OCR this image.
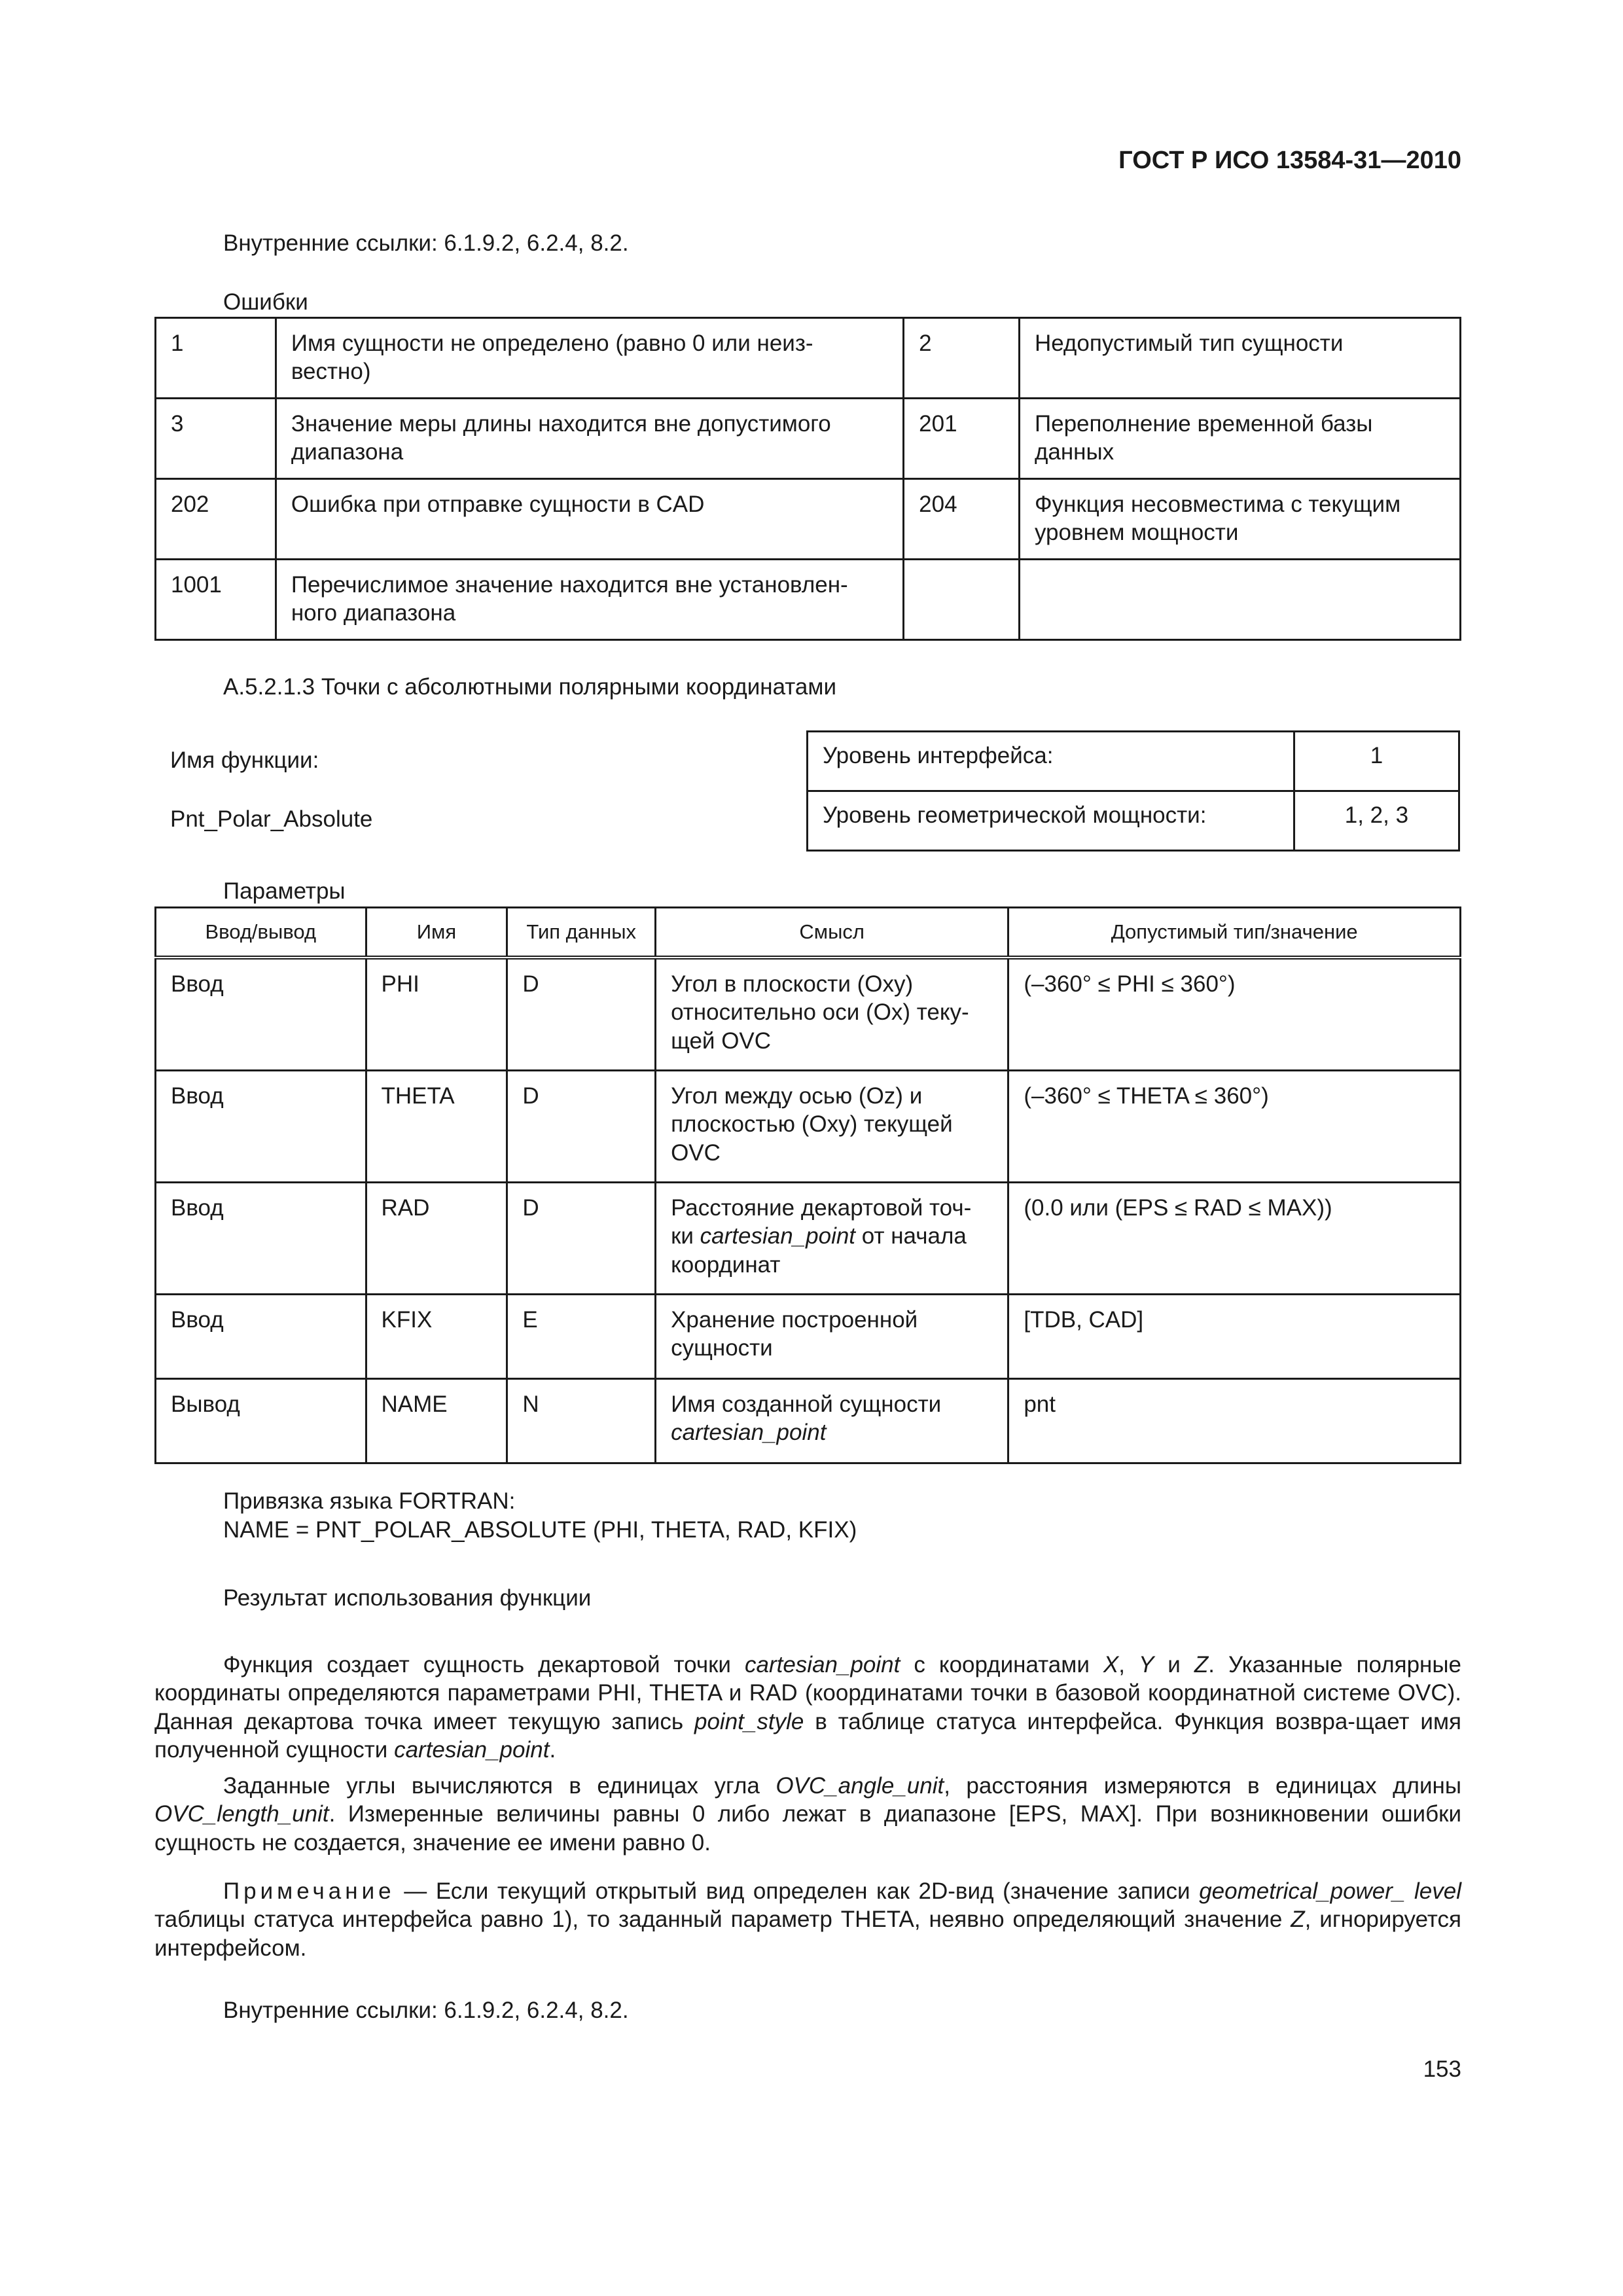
ГОСТ Р ИСО 13584-31—2010
Внутренние ссылки: 6.1.9.2, 6.2.4, 8.2.
Ошибки
1	Имя сущности не определено (равно 0 или неиз-вестно)	2	Недопустимый тип сущности
3	Значение меры длины находится вне допустимого диапазона	201	Переполнение временной базы данных
202	Ошибка при отправке сущности в CAD	204	Функция несовместима с текущим уровнем мощности
1001	Перечислимое значение находится вне установлен-ного диапазона		
A.5.2.1.3 Точки с абсолютными полярными координатами
Имя функции:
Pnt_Polar_Absolute
Уровень интерфейса:	1
Уровень геометрической мощности:	1, 2, 3
Параметры
Ввод/вывод	Имя	Тип данных	Смысл	Допустимый тип/значение
Ввод	PHI	D	Угол в плоскости (Oxy) относительно оси (Ox) теку-щей OVC	(–360° ≤ PHI ≤ 360°)
Ввод	THETA	D	Угол между осью (Oz) и плоскостью (Oxy) текущей OVC	(–360° ≤ THETA ≤ 360°)
Ввод	RAD	D	Расстояние декартовой точ-ки cartesian_point от начала координат	(0.0 или (EPS ≤ RAD ≤ MAX))
Ввод	KFIX	E	Хранение построенной сущности	[TDB, CAD]
Вывод	NAME	N	Имя созданной сущности cartesian_point	pnt
Привязка языка FORTRAN:
NAME = PNT_POLAR_ABSOLUTE (PHI, THETA, RAD, KFIX)
Результат использования функции
Функция создает сущность декартовой точки cartesian_point с координатами X, Y и Z. Указанные полярные координаты определяются параметрами PHI, THETA и RAD (координатами точки в базовой координатной системе OVC). Данная декартова точка имеет текущую запись point_style в таблице статуса интерфейса. Функция возвра-щает имя полученной сущности cartesian_point.
Заданные углы вычисляются в единицах угла OVC_angle_unit, расстояния измеряются в единицах длины OVC_length_unit. Измеренные величины равны 0 либо лежат в диапазоне [EPS, MAX]. При возникновении ошибки сущность не создается, значение ее имени равно 0.
Примечание — Если текущий открытый вид определен как 2D-вид (значение записи geometrical_power_ level таблицы статуса интерфейса равно 1), то заданный параметр THETA, неявно определяющий значение Z, игнорируется интерфейсом.
Внутренние ссылки: 6.1.9.2, 6.2.4, 8.2.
153
